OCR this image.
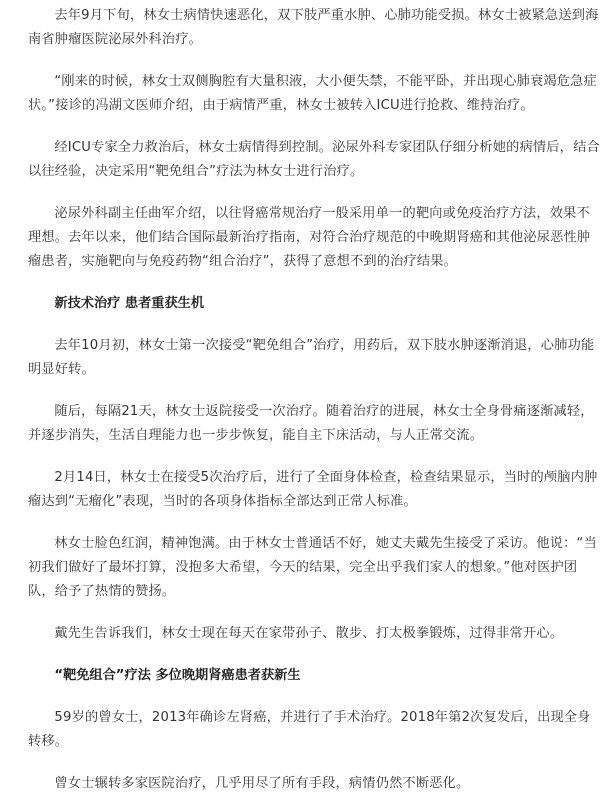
去年9月下旬，林女士病情快速恶化，双下肢严重水肿、心肺功能受损。林女士被紧急送到海南省肿瘤医院泌尿外科治疗。

“刚来的时候，林女士双侧胸腔有大量积液，大小便失禁，不能平卧，并出现心肺衰竭危急症状。”接诊的冯湖文医师介绍，由于病情严重，林女士被转入ICU进行抢救、维持治疗。

经ICU专家全力救治后，林女士病情得到控制。泌尿外科专家团队仔细分析她的病情后，结合以往经验，决定采用“靶免组合”疗法为林女士进行治疗。

泌尿外科副主任曲军介绍，以往肾癌常规治疗一般采用单一的靶向或免疫治疗方法，效果不理想。去年以来，他们结合国际最新治疗指南，对符合治疗规范的中晚期肾癌和其他泌尿恶性肿瘤患者，实施靶向与免疫药物“组合治疗”，获得了意想不到的治疗结果。

新技术治疗 患者重获生机

去年10月初，林女士第一次接受“靶免组合”治疗，用药后，双下肢水肿逐渐消退，心肺功能明显好转。

随后，每隔21天，林女士返院接受一次治疗。随着治疗的进展，林女士全身骨痛逐渐减轻，并逐步消失，生活自理能力也一步步恢复，能自主下床活动，与人正常交流。

2月14日，林女士在接受5次治疗后，进行了全面身体检查，检查结果显示，当时的颅脑内肿瘤达到“无瘤化”表现，当时的各项身体指标全部达到正常人标准。

林女士脸色红润，精神饱满。由于林女士普通话不好，她丈夫戴先生接受了采访。他说：“当初我们做好了最坏打算，没抱多大希望，今天的结果，完全出乎我们家人的想象。”他对医护团队，给予了热情的赞扬。

戴先生告诉我们，林女士现在每天在家带孙子、散步、打太极拳锻炼，过得非常开心。

“靶免组合”疗法 多位晚期肾癌患者获新生

59岁的曾女士，2013年确诊左肾癌，并进行了手术治疗。2018年第2次复发后，出现全身转移。

曾女士辗转多家医院治疗，几乎用尽了所有手段，病情仍然不断恶化。
